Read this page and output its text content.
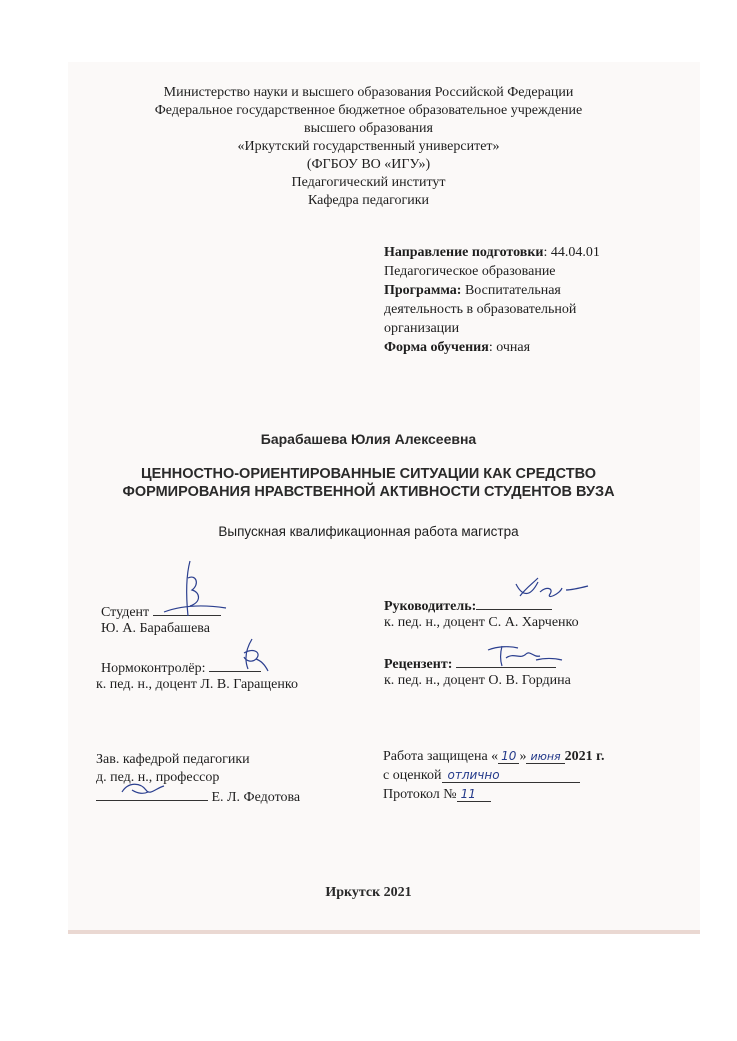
Министерство науки и высшего образования Российской Федерации
Федеральное государственное бюджетное образовательное учреждение
высшего образования
«Иркутский государственный университет»
(ФГБОУ ВО «ИГУ»)
Педагогический институт
Кафедра педагогики
Направление подготовки: 44.04.01
Педагогическое образование
Программа: Воспитательная
деятельность в образовательной
организации
Форма обучения: очная
Барабашева Юлия Алексеевна
ЦЕННОСТНО-ОРИЕНТИРОВАННЫЕ СИТУАЦИИ КАК СРЕДСТВО
ФОРМИРОВАНИЯ НРАВСТВЕННОЙ АКТИВНОСТИ СТУДЕНТОВ ВУЗА
Выпускная квалификационная работа магистра
Студент
Ю. А. Барабашева
Нормоконтролёр:
к. пед. н., доцент Л. В. Гаращенко
Руководитель:
к. пед. н., доцент С. А. Харченко
Рецензент:
к. пед. н., доцент О. В. Гордина
Зав. кафедрой педагогики
д. пед. н., профессор
Е. Л. Федотова
Работа защищена « 10 » июня 2021 г.
с оценкой отлично
Протокол № 11
Иркутск 2021
